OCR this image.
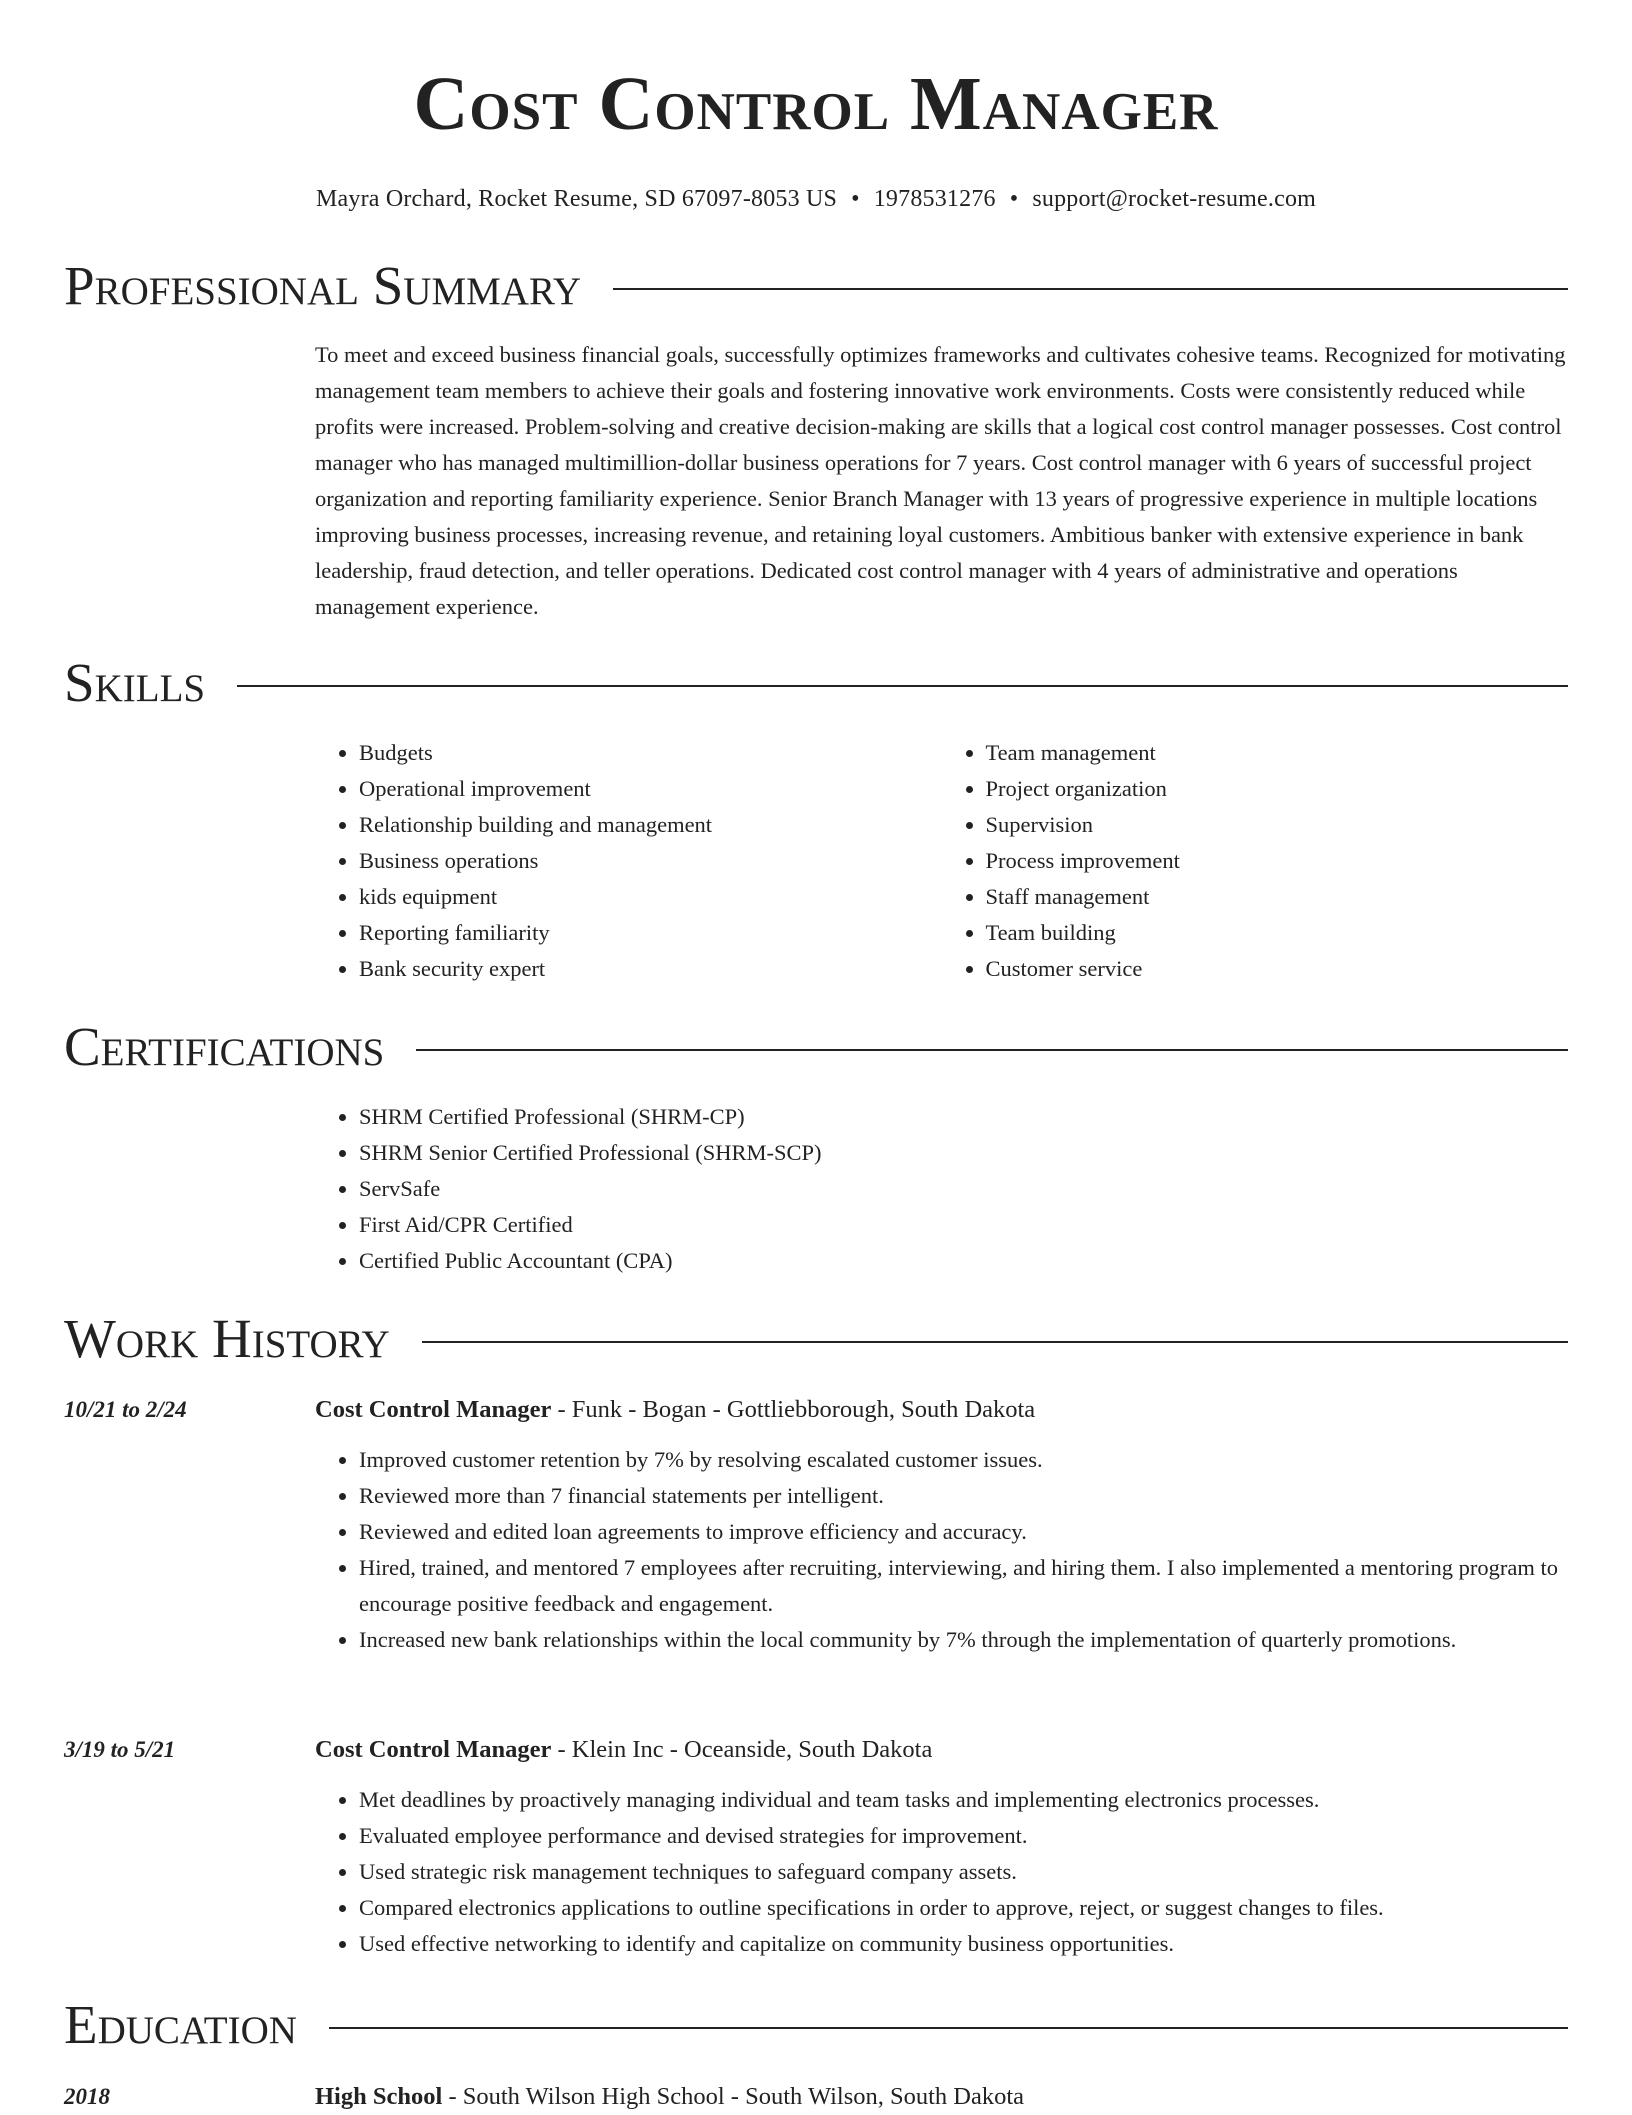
Cost Control Manager
Mayra Orchard, Rocket Resume, SD 67097-8053 US • 1978531276 • support@rocket-resume.com
Professional Summary

To meet and exceed business financial goals, successfully optimizes frameworks and cultivates cohesive teams. Recognized for motivating management team members to achieve their goals and fostering innovative work environments. Costs were consistently reduced while profits were increased. Problem-solving and creative decision-making are skills that a logical cost control manager possesses. Cost control manager who has managed multimillion-dollar business operations for 7 years. Cost control manager with 6 years of successful project organization and reporting familiarity experience. Senior Branch Manager with 13 years of progressive experience in multiple locations improving business processes, increasing revenue, and retaining loyal customers. Ambitious banker with extensive experience in bank leadership, fraud detection, and teller operations. Dedicated cost control manager with 4 years of administrative and operations management experience.

Skills
• Budgets
• Operational improvement
• Relationship building and management
• Business operations
• kids equipment
• Reporting familiarity
• Bank security expert
• Team management
• Project organization
• Supervision
• Process improvement
• Staff management
• Team building
• Customer service
Certifications
• SHRM Certified Professional (SHRM-CP)
• SHRM Senior Certified Professional (SHRM-SCP)
• ServSafe
• First Aid/CPR Certified
• Certified Public Accountant (CPA)
Work History
10/21 to 2/24	Cost Control Manager - Funk - Bogan - Gottliebborough, South Dakota
• Improved customer retention by 7% by resolving escalated customer issues.
• Reviewed more than 7 financial statements per intelligent.
• Reviewed and edited loan agreements to improve efficiency and accuracy.
• Hired, trained, and mentored 7 employees after recruiting, interviewing, and hiring them. I also implemented a mentoring program to encourage positive feedback and engagement.
• Increased new bank relationships within the local community by 7% through the implementation of quarterly promotions.
3/19 to 5/21	Cost Control Manager - Klein Inc - Oceanside, South Dakota
• Met deadlines by proactively managing individual and team tasks and implementing electronics processes.
• Evaluated employee performance and devised strategies for improvement.
• Used strategic risk management techniques to safeguard company assets.
• Compared electronics applications to outline specifications in order to approve, reject, or suggest changes to files.
• Used effective networking to identify and capitalize on community business opportunities.
Education
2018	High School - South Wilson High School - South Wilson, South Dakota
